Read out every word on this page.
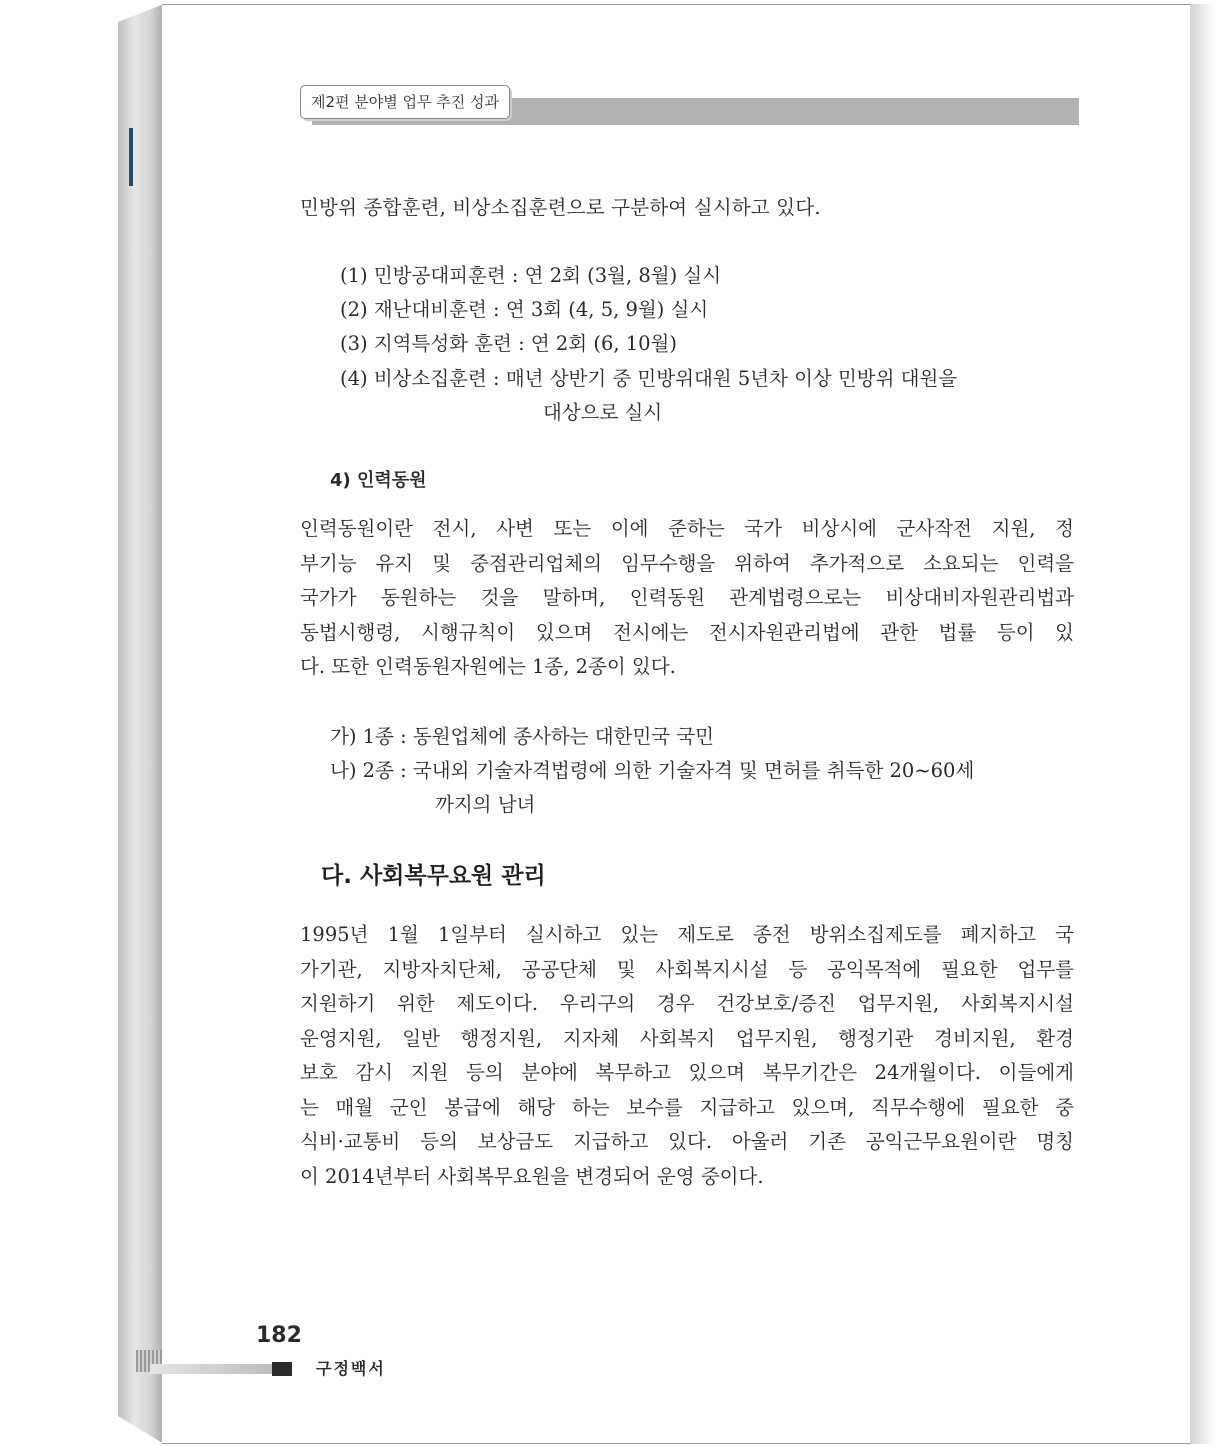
제2편 분야별 업무 추진 성과
민방위 종합훈련, 비상소집훈련으로 구분하여 실시하고 있다.
(1) 민방공대피훈련 : 연 2회 (3월, 8월) 실시
(2) 재난대비훈련 : 연 3회 (4, 5, 9월) 실시
(3) 지역특성화 훈련 : 연 2회 (6, 10월)
(4) 비상소집훈련 : 매년 상반기 중 민방위대원 5년차 이상 민방위 대원을
대상으로 실시
4) 인력동원
인력동원이란 전시, 사변 또는 이에 준하는 국가 비상시에 군사작전 지원, 정
부기능 유지 및 중점관리업체의 임무수행을 위하여 추가적으로 소요되는 인력을
국가가 동원하는 것을 말하며, 인력동원 관계법령으로는 비상대비자원관리법과
동법시행령, 시행규칙이 있으며 전시에는 전시자원관리법에 관한 법률 등이 있
다. 또한 인력동원자원에는 1종, 2종이 있다.
가) 1종 : 동원업체에 종사하는 대한민국 국민
나) 2종 : 국내외 기술자격법령에 의한 기술자격 및 면허를 취득한 20~60세
까지의 남녀
다. 사회복무요원 관리
1995년 1월 1일부터 실시하고 있는 제도로 종전 방위소집제도를 폐지하고 국
가기관, 지방자치단체, 공공단체 및 사회복지시설 등 공익목적에 필요한 업무를
지원하기 위한 제도이다. 우리구의 경우 건강보호/증진 업무지원, 사회복지시설
운영지원, 일반 행정지원, 지자체 사회복지 업무지원, 행정기관 경비지원, 환경
보호 감시 지원 등의 분야에 복무하고 있으며 복무기간은 24개월이다. 이들에게
는 매월 군인 봉급에 해당 하는 보수를 지급하고 있으며, 직무수행에 필요한 중
식비·교통비 등의 보상금도 지급하고 있다. 아울러 기존 공익근무요원이란 명칭
이 2014년부터 사회복무요원을 변경되어 운영 중이다.
182
구정백서
